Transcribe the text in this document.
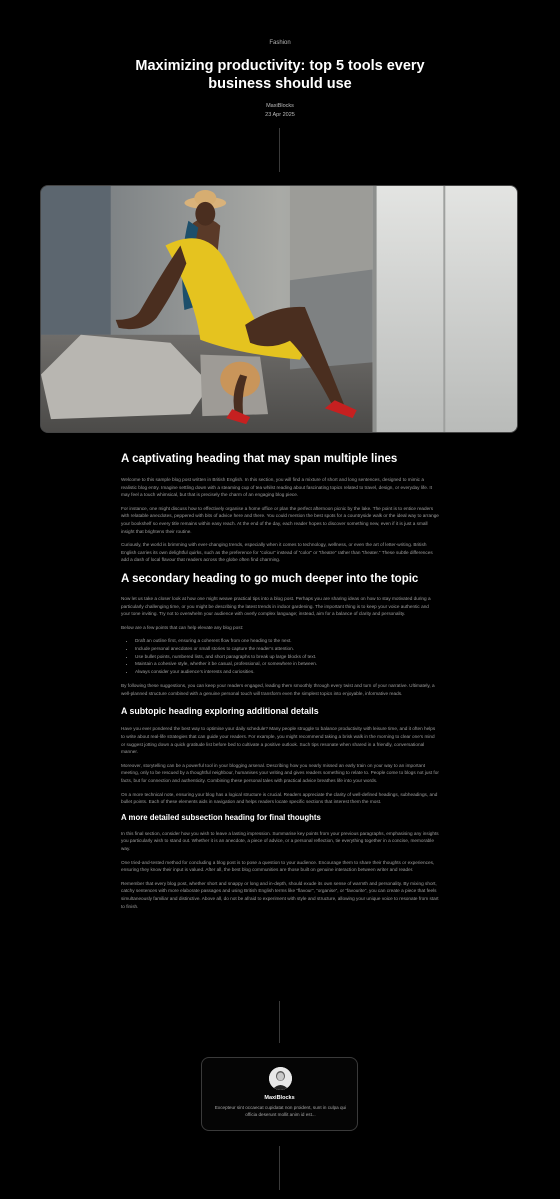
Fashion
Maximizing productivity: top 5 tools every business should use
MaxiBlocks
23 Apr 2025
A captivating heading that may span multiple lines

Welcome to this sample blog post written in British English. In this section, you will find a mixture of short and long sentences, designed to mimic a realistic blog entry. Imagine settling down with a steaming cup of tea whilst reading about fascinating topics related to travel, design, or everyday life. It may feel a touch whimsical, but that is precisely the charm of an engaging blog piece.

For instance, one might discuss how to effectively organise a home office or plan the perfect afternoon picnic by the lake. The point is to entice readers with relatable anecdotes, peppered with bits of advice here and there. You could mention the best spots for a countryside walk or the ideal way to arrange your bookshelf so every title remains within easy reach. At the end of the day, each reader hopes to discover something new, even if it is just a small insight that brightens their routine.

Curiously, the world is brimming with ever-changing trends, especially when it comes to technology, wellness, or even the art of letter-writing. British English carries its own delightful quirks, such as the preference for “colour” instead of “color” or “theatre” rather than “theater.” These subtle differences add a dash of local flavour that readers across the globe often find charming.

A secondary heading to go much deeper into the topic

Now let us take a closer look at how one might weave practical tips into a blog post. Perhaps you are sharing ideas on how to stay motivated during a particularly challenging time, or you might be describing the latest trends in indoor gardening. The important thing is to keep your voice authentic and your tone inviting. Try not to overwhelm your audience with overly complex language; instead, aim for a balance of clarity and personality.

Below are a few points that can help elevate any blog post:

• Draft an outline first, ensuring a coherent flow from one heading to the next.
• Include personal anecdotes or small stories to capture the reader’s attention.
• Use bullet points, numbered lists, and short paragraphs to break up large blocks of text.
• Maintain a cohesive style, whether it be casual, professional, or somewhere in between.
• Always consider your audience’s interests and curiosities.

By following these suggestions, you can keep your readers engaged, leading them smoothly through every twist and turn of your narrative. Ultimately, a well-planned structure combined with a genuine personal touch will transform even the simplest topics into enjoyable, informative reads.

A subtopic heading exploring additional details

Have you ever pondered the best way to optimise your daily schedule? Many people struggle to balance productivity with leisure time, and it often helps to write about real-life strategies that can guide your readers. For example, you might recommend taking a brisk walk in the morning to clear one’s mind or suggest jotting down a quick gratitude list before bed to cultivate a positive outlook. Such tips resonate when shared in a friendly, conversational manner.

Moreover, storytelling can be a powerful tool in your blogging arsenal. Describing how you nearly missed an early train on your way to an important meeting, only to be rescued by a thoughtful neighbour, humanises your writing and gives readers something to relate to. People come to blogs not just for facts, but for connection and authenticity. Combining these personal tales with practical advice breathes life into your words.

On a more technical note, ensuring your blog has a logical structure is crucial. Readers appreciate the clarity of well-defined headings, subheadings, and bullet points. Each of these elements aids in navigation and helps readers locate specific sections that interest them the most.

A more detailed subsection heading for final thoughts

In this final section, consider how you wish to leave a lasting impression. Summarise key points from your previous paragraphs, emphasising any insights you particularly wish to stand out. Whether it is an anecdote, a piece of advice, or a personal reflection, tie everything together in a concise, memorable way.

One tried-and-tested method for concluding a blog post is to pose a question to your audience. Encourage them to share their thoughts or experiences, ensuring they know their input is valued. After all, the best blog communities are those built on genuine interaction between writer and reader.

Remember that every blog post, whether short and snappy or long and in-depth, should exude its own sense of warmth and personality. By mixing short, catchy sentences with more elaborate passages and using British English terms like “flavour”, “organise”, or “favourite”, you can create a piece that feels simultaneously familiar and distinctive. Above all, do not be afraid to experiment with style and structure, allowing your unique voice to resonate from start to finish.

MaxiBlocks
Excepteur sint occaecat cupidatat non proident, sunt in culpa qui officia deserunt mollit anim id est...
